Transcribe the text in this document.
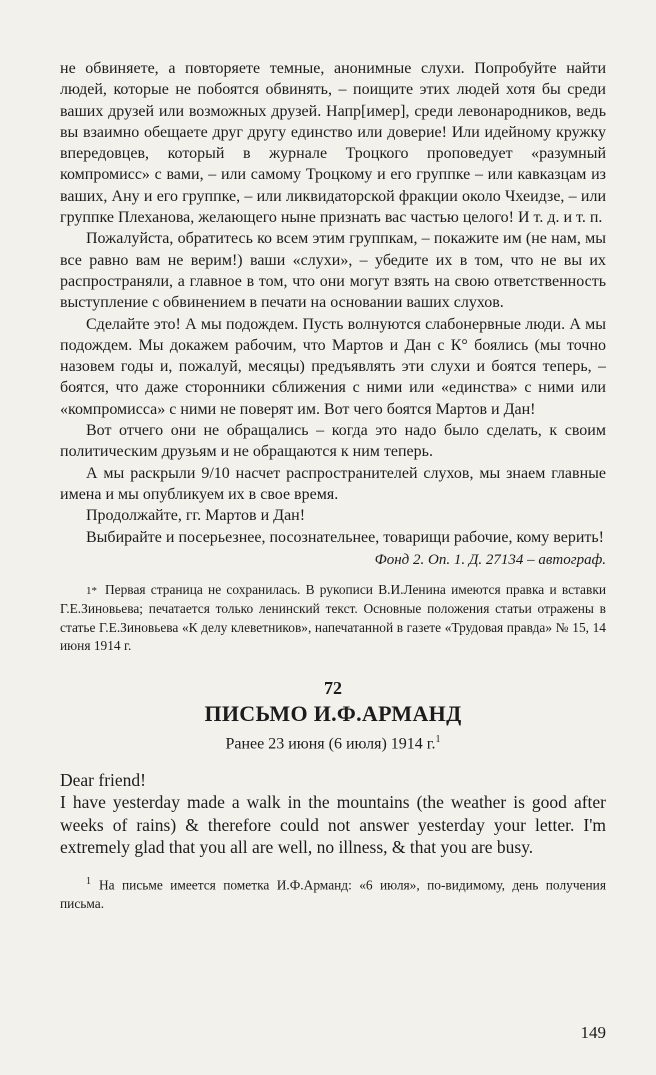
не обвиняете, а повторяете темные, анонимные слухи. Попробуйте найти людей, которые не побоятся обвинять, – поищите этих людей хотя бы среди ваших друзей или возможных друзей. Напр[имер], среди левонародников, ведь вы взаимно обещаете друг другу единство или доверие! Или идейному кружку впередовцев, который в журнале Троцкого проповедует «разумный компромисс» с вами, – или самому Троцкому и его группке – или кавказцам из ваших, Ану и его группке, – или ликвидаторской фракции около Чхеидзе, – или группке Плеханова, желающего ныне признать вас частью целого! И т. д. и т. п.

Пожалуйста, обратитесь ко всем этим группкам, – покажите им (не нам, мы все равно вам не верим!) ваши «слухи», – убедите их в том, что не вы их распространяли, а главное в том, что они могут взять на свою ответственность выступление с обвинением в печати на основании ваших слухов.

Сделайте это! А мы подождем. Пусть волнуются слабонервные люди. А мы подождем. Мы докажем рабочим, что Мартов и Дан с К° боялись (мы точно назовем годы и, пожалуй, месяцы) предъявлять эти слухи и боятся теперь, – боятся, что даже сторонники сближения с ними или «единства» с ними или «компромисса» с ними не поверят им. Вот чего боятся Мартов и Дан!

Вот отчего они не обращались – когда это надо было сделать, к своим политическим друзьям и не обращаются к ним теперь.

А мы раскрыли 9/10 насчет распространителей слухов, мы знаем главные имена и мы опубликуем их в свое время.

Продолжайте, гг. Мартов и Дан!

Выбирайте и посерьезнее, посознательнее, товарищи рабочие, кому верить!

Фонд 2. Оп. 1. Д. 27134 – автограф.

1* Первая страница не сохранилась. В рукописи В.И.Ленина имеются правка и вставки Г.Е.Зиновьева; печатается только ленинский текст. Основные положения статьи отражены в статье Г.Е.Зиновьева «К делу клеветников», напечатанной в газете «Трудовая правда» № 15, 14 июня 1914 г.

72
ПИСЬМО И.Ф.АРМАНД
Ранее 23 июня (6 июля) 1914 г.$^1$

Dear friend!

I have yesterday made a walk in the mountains (the weather is good after weeks of rains) & therefore could not answer yesterday your letter. I'm extremely glad that you all are well, no illness, & that you are busy.

$^1$ На письме имеется пометка И.Ф.Арманд: «6 июля», по-видимому, день получения письма.

149
